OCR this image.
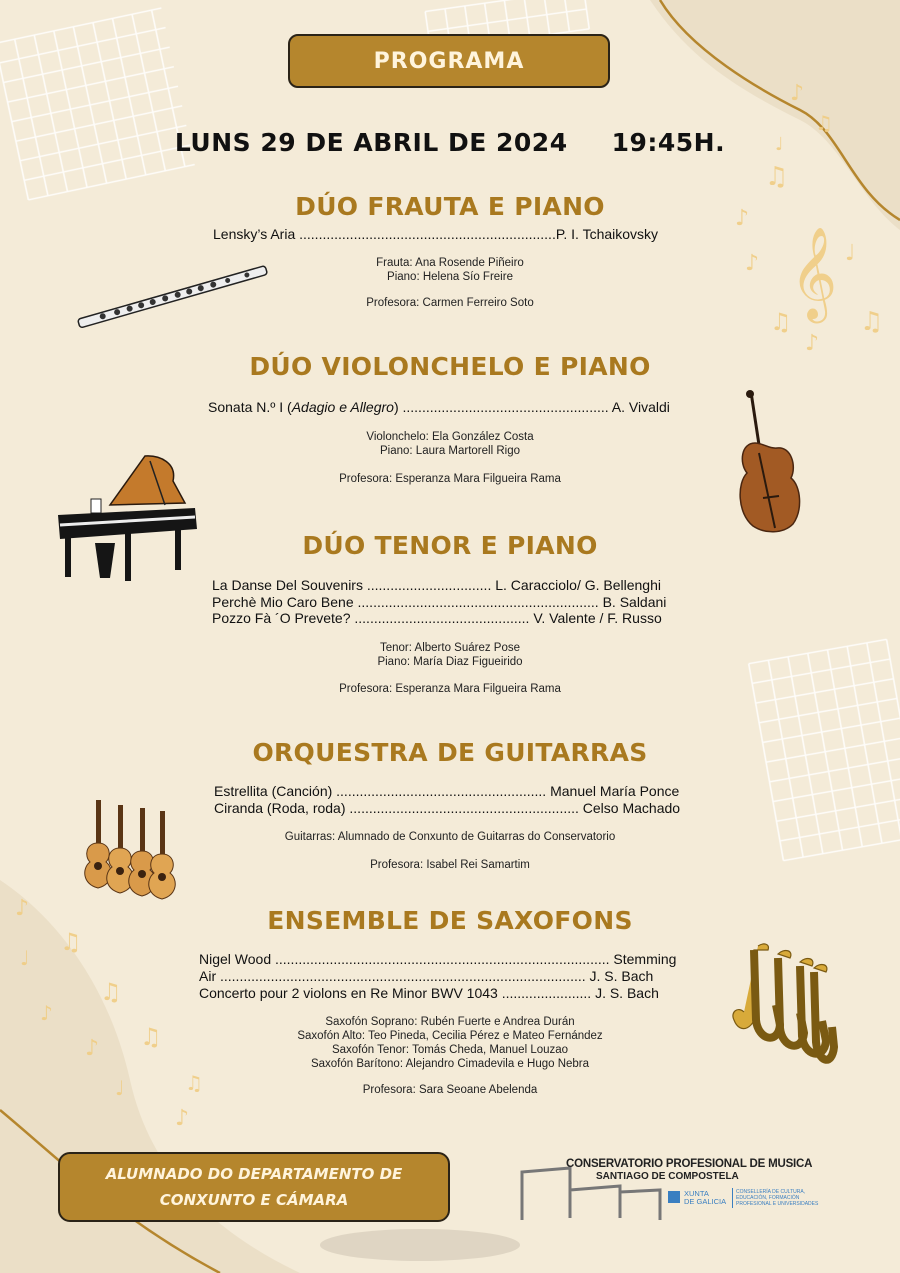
♪
♫
♫
♪
𝄞
♪
♫
♪
♩
♫
♩
♪
♫
♩
♫
♪
♪ ♫
♩
♪
♫
PROGRAMA
LUNS 29 DE ABRIL DE 2024 19:45H.
DÚO FRAUTA E PIANO
Lensky’s Aria ..................................................................P. I. Tchaikovsky
Frauta: Ana Rosende Piñeiro
Piano: Helena Sío Freire
Profesora: Carmen Ferreiro Soto
DÚO VIOLONCHELO E PIANO
Sonata N.º I (Adagio e Allegro) ..................................................... A. Vivaldi
Violonchelo: Ela González Costa
Piano: Laura Martorell Rigo
Profesora: Esperanza Mara Filgueira Rama
DÚO TENOR E PIANO
La Danse Del Souvenirs ................................ L. Caracciolo/ G. Bellenghi
Perchè Mio Caro Bene .............................................................. B. Saldani
Pozzo Fà ´O Prevete? ............................................. V. Valente / F. Russo
Tenor: Alberto Suárez Pose
Piano: María Diaz Figueirido
Profesora: Esperanza Mara Filgueira Rama
ORQUESTRA DE GUITARRAS
Estrellita (Canción) ...................................................... Manuel María Ponce
Ciranda (Roda, roda) ........................................................... Celso Machado
Guitarras: Alumnado de Conxunto de Guitarras do Conservatorio
Profesora: Isabel Rei Samartim
ENSEMBLE DE SAXOFONS
Nigel Wood ...................................................................................... Stemming
Air .............................................................................................. J. S. Bach
Concerto pour 2 violons en Re Minor BWV 1043 ....................... J. S. Bach
Saxofón Soprano: Rubén Fuerte e Andrea Durán
Saxofón Alto: Teo Pineda, Cecilia Pérez e Mateo Fernández
Saxofón Tenor: Tomás Cheda, Manuel Louzao
Saxofón Barítono: Alejandro Cimadevila e Hugo Nebra
Profesora: Sara Seoane Abelenda
ALUMNADO DO DEPARTAMENTO DE
CONXUNTO E CÁMARA
CONSERVATORIO PROFESIONAL DE MUSICA
SANTIAGO DE COMPOSTELA
XUNTA
DE GALICIA
CONSELLERÍA DE CULTURA,
EDUCACIÓN, FORMACIÓN
PROFESIONAL E UNIVERSIDADES
